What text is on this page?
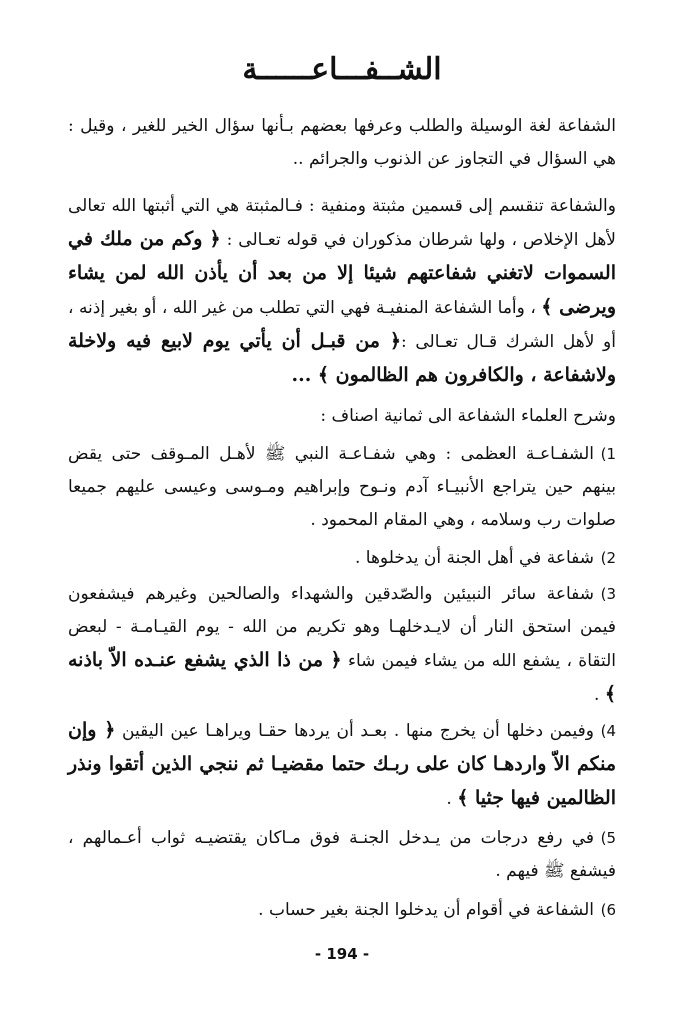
الشــفـــاعــــــة
الشفاعة لغة الوسيلة والطلب وعرفها بعضهم بـأنها سؤال الخير للغير ، وقيل : هي السؤال في التجاوز عن الذنوب والجرائم ..
والشفاعة تنقسم إلى قسمين مثبتة ومنفية : فـالمثبتة هي التي أثبتها الله تعالى لأهل الإخلاص ، ولها شرطان مذكوران في قوله تعـالى : ﴿ وكم من ملك في السموات لاتغني شفاعتهم شيئا إلا من بعد أن يأذن الله لمن يشاء ويرضى ﴾ ، وأما الشفاعة المنفيـة فهي التي تطلب من غير الله ، أو بغير إذنه ، أو لأهل الشرك قـال تعـالى :﴿ من قبـل أن يأتي يوم لابيع فيه ولاخلة ولاشفاعة ، والكافرون هم الظالمون ﴾ ...
وشرح العلماء الشفاعة الى ثمانية اصناف :
1)الشفـاعـة العظمى : وهي شفـاعـة النبي ﷺ لأهـل المـوقف حتى يقض بينهم حين يتراجع الأنبيـاء آدم ونـوح وإبراهيم ومـوسى وعيسى عليهم جميعا صلوات رب وسلامه ، وهي المقام المحمود .
2)شفاعة في أهل الجنة أن يدخلوها .
3)شفاعة سائر النبيئين والصّدقين والشهداء والصالحين وغيرهم فيشفعون فيمن استحق النار أن لايـدخلهـا وهو تكريم من الله - يوم القيـامـة - لبعض التقاة ، يشفع الله من يشاء فيمن شاء ﴿ من ذا الذي يشفع عنـده الاّ باذنه ﴾ .
4)وفيمن دخلها أن يخرج منها . بعـد أن يردها حقـا ويراهـا عين اليقين ﴿ وإن منكم الاّ واردهـا كان على ربـك حتما مقضيـا ثم ننجي الذين أتقوا ونذر الظالمين فيها جثيا ﴾ .
5)في رفع درجات من يـدخل الجنـة فوق مـاكان يقتضيـه ثواب أعـمالهم ، فيشفع ﷺ فيهم .
6)الشفاعة في أقوام أن يدخلوا الجنة بغير حساب .
- 194 -
